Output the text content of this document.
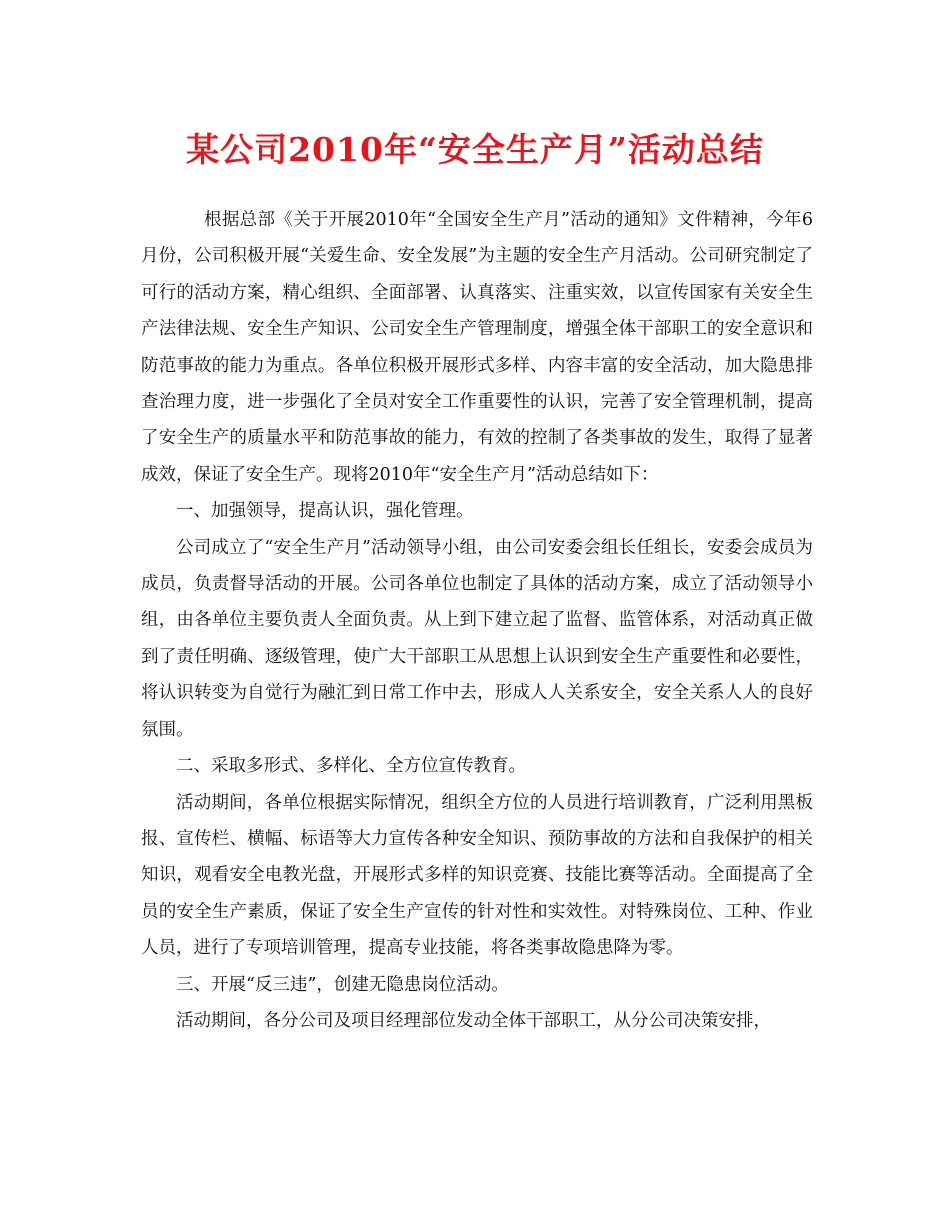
某公司2010年“安全生产月”活动总结

根据总部《关于开展2010年“全国安全生产月”活动的通知》文件精神，今年6月份，公司积极开展“关爱生命、安全发展”为主题的安全生产月活动。公司研究制定了可行的活动方案，精心组织、全面部署、认真落实、注重实效，以宣传国家有关安全生产法律法规、安全生产知识、公司安全生产管理制度，增强全体干部职工的安全意识和防范事故的能力为重点。各单位积极开展形式多样、内容丰富的安全活动，加大隐患排查治理力度，进一步强化了全员对安全工作重要性的认识，完善了安全管理机制，提高了安全生产的质量水平和防范事故的能力，有效的控制了各类事故的发生，取得了显著成效，保证了安全生产。现将2010年“安全生产月”活动总结如下：

一、加强领导，提高认识，强化管理。

公司成立了“安全生产月”活动领导小组，由公司安委会组长任组长，安委会成员为成员，负责督导活动的开展。公司各单位也制定了具体的活动方案，成立了活动领导小组，由各单位主要负责人全面负责。从上到下建立起了监督、监管体系，对活动真正做到了责任明确、逐级管理，使广大干部职工从思想上认识到安全生产重要性和必要性，将认识转变为自觉行为融汇到日常工作中去，形成人人关系安全，安全关系人人的良好氛围。

二、采取多形式、多样化、全方位宣传教育。

活动期间，各单位根据实际情况，组织全方位的人员进行培训教育，广泛利用黑板报、宣传栏、横幅、标语等大力宣传各种安全知识、预防事故的方法和自我保护的相关知识，观看安全电教光盘，开展形式多样的知识竞赛、技能比赛等活动。全面提高了全员的安全生产素质，保证了安全生产宣传的针对性和实效性。对特殊岗位、工种、作业人员，进行了专项培训管理，提高专业技能，将各类事故隐患降为零。

三、开展“反三违”，创建无隐患岗位活动。

活动期间，各分公司及项目经理部位发动全体干部职工，从分公司决策安排，
